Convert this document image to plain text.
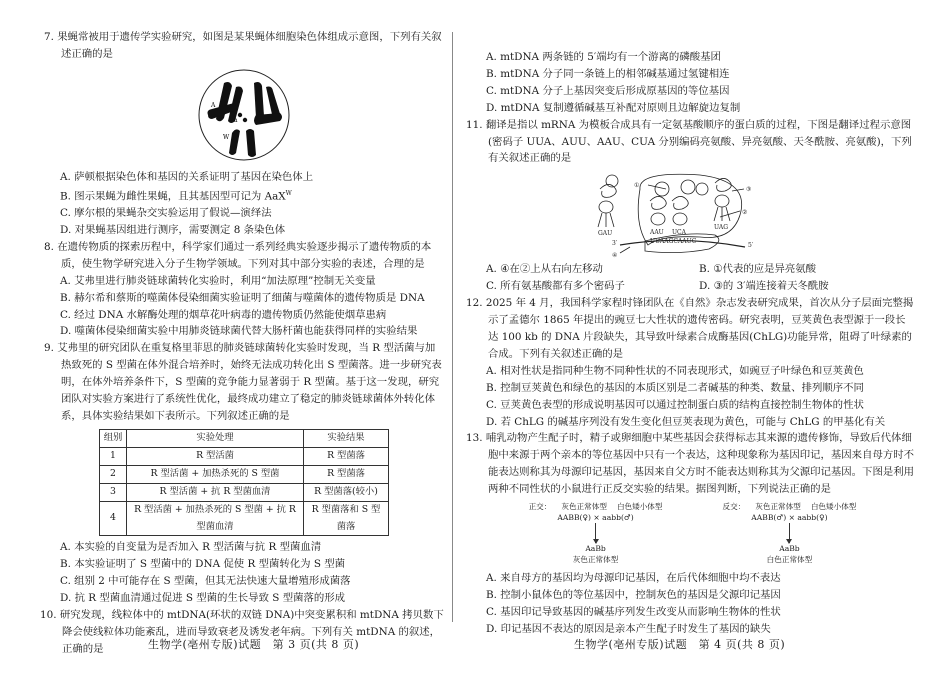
7. 果蝇常被用于遗传学实验研究，如图是某果蝇体细胞染色体组成示意图，下列有关叙述正确的是
A
a
W
A. 萨顿根据染色体和基因的关系证明了基因在染色体上
B. 图示果蝇为雌性果蝇，且其基因型可记为 AaX$^W$
C. 摩尔根的果蝇杂交实验运用了假说—演绎法
D. 对果蝇基因组进行测序，需要测定 8 条染色体
8. 在遗传物质的探索历程中，科学家们通过一系列经典实验逐步揭示了遗传物质的本质，使生物学研究进入分子生物学领域。下列对其中部分实验的表述，合理的是
A. 艾弗里进行肺炎链球菌转化实验时，利用“加法原理”控制无关变量
B. 赫尔希和蔡斯的噬菌体侵染细菌实验证明了细菌与噬菌体的遗传物质是 DNA
C. 经过 DNA 水解酶处理的烟草花叶病毒的遗传物质仍然能使烟草患病
D. 噬菌体侵染细菌实验中用肺炎链球菌代替大肠杆菌也能获得同样的实验结果
9. 艾弗里的研究团队在重复格里菲思的肺炎链球菌转化实验时发现，当 R 型活菌与加热致死的 S 型菌在体外混合培养时，始终无法成功转化出 S 型菌落。进一步研究表明，在体外培养条件下，S 型菌的竞争能力显著弱于 R 型菌。基于这一发现，研究团队对实验方案进行了系统性优化，最终成功建立了稳定的肺炎链球菌体外转化体系，具体实验结果如下表所示。下列叙述正确的是
组别	实验处理	实验结果
1	R 型活菌	R 型菌落
2	R 型活菌 + 加热杀死的 S 型菌	R 型菌落
3	R 型活菌 + 抗 R 型菌血清	R 型菌落(较小)
4	R 型活菌 + 加热杀死的 S 型菌 + 抗 R 型菌血清	R 型菌落和 S 型菌落
A. 本实验的自变量为是否加入 R 型活菌与抗 R 型菌血清
B. 本实验证明了 S 型菌中的 DNA 促使 R 型菌转化为 S 型菌
C. 组别 2 中可能存在 S 型菌，但其无法快速大量增殖形成菌落
D. 抗 R 型菌血清通过促进 S 型菌的生长导致 S 型菌落的形成
10. 研究发现，线粒体中的 mtDNA(环状的双链 DNA)中突变累积和 mtDNA 拷贝数下降会使线粒体功能紊乱，进而导致衰老及诱发老年病。下列有关 mtDNA 的叙述，正确的是	生物学(亳州专版)试题　第 3 页(共 8 页)
A. mtDNA 两条链的 5′端均有一个游离的磷酸基团
B. mtDNA 分子同一条链上的相邻碱基通过氢键相连
C. mtDNA 分子上基因突变后形成原基因的等位基因
D. mtDNA 复制遵循碱基互补配对原则且边解旋边复制
11. 翻译是指以 mRNA 为模板合成具有一定氨基酸顺序的蛋白质的过程，下图是翻译过程示意图(密码子 UUA、AUU、AAU、CUA 分别编码亮氨酸、异亮氨酸、天冬酰胺、亮氨酸)，下列有关叙述正确的是
①
②
③
④
GAU
UAG
AAU UCA
UUAAGCAAUC
3′	5′
A. ④在②上从右向左移动	B. ①代表的应是异亮氨酸
C. 所有氨基酸都有多个密码子	D. ③的 3′端连接着天冬酰胺
12. 2025 年 4 月，我国科学家程时锋团队在《自然》杂志发表研究成果，首次从分子层面完整揭示了孟德尔 1865 年提出的豌豆七大性状的遗传密码。研究表明，豆荚黄色表型源于一段长达 100 kb 的 DNA 片段缺失，其导致叶绿素合成酶基因(ChLG)功能异常，阻碍了叶绿素的合成。下列有关叙述正确的是
A. 相对性状是指同种生物不同种性状的不同表现形式，如豌豆子叶绿色和豆荚黄色
B. 控制豆荚黄色和绿色的基因的本质区别是二者碱基的种类、数量、排列顺序不同
C. 豆荚黄色表型的形成说明基因可以通过控制蛋白质的结构直接控制生物体的性状
D. 若 ChLG 的碱基序列没有发生变化但豆荚表现为黄色，可能与 ChLG 的甲基化有关
13. 哺乳动物产生配子时，精子或卵细胞中某些基因会获得标志其来源的遗传修饰，导致后代体细胞中来源于两个亲本的等位基因中只有一个表达，这种现象称为基因印记，基因来自母方时不能表达则称其为母源印记基因，基因来自父方时不能表达则称其为父源印记基因。下图是利用两种不同性状的小鼠进行正反交实验的结果。据图判断，下列说法正确的是
正交： 灰色正常体型 白色矮小体型
AABB(♀) × aabb(♂)
AaBb
灰色正常体型
反交： 灰色正常体型 白色矮小体型
AABB(♂) × aabb(♀)
AaBb
白色正常体型
A. 来自母方的基因均为母源印记基因，在后代体细胞中均不表达
B. 控制小鼠体色的等位基因中，控制灰色的基因是父源印记基因
C. 基因印记导致基因的碱基序列发生改变从而影响生物体的性状
D. 印记基因不表达的原因是亲本产生配子时发生了基因的缺失
生物学(亳州专版)试题　第 4 页(共 8 页)
